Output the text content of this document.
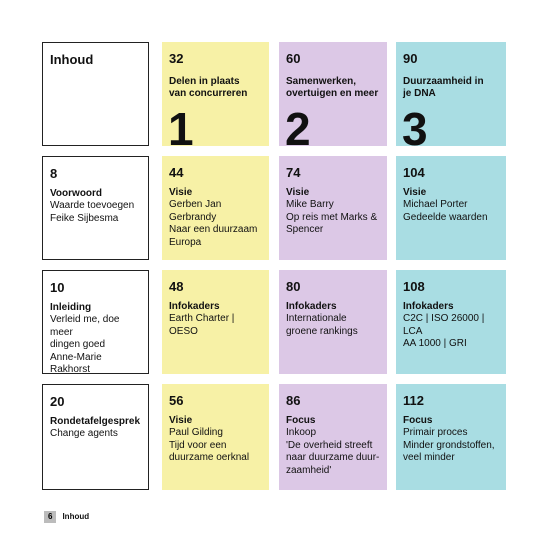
Inhoud	32
Delen in plaats
van concurreren
1
60
Samenwerken,
overtuigen en meer
2
90
Duurzaamheid in
je DNA
3
8
Voorwoord
Waarde toevoegen
Feike Sijbesma
44
Visie
Gerben Jan
Gerbrandy
Naar een duurzaam
Europa
74
Visie
Mike Barry
Op reis met Marks &
Spencer
104
Visie
Michael Porter
Gedeelde waarden
10
Inleiding
Verleid me, doe meer
dingen goed
Anne-Marie
Rakhorst
48
Infokaders
Earth Charter | OESO
80
Infokaders
Internationale
groene rankings
108
Infokaders
C2C | ISO 26000 | LCA
AA 1000 | GRI
20
Rondetafelgesprek
Change agents
56
Visie
Paul Gilding
Tijd voor een
duurzame oerknal
86
Focus
Inkoop
'De overheid streeft
naar duurzame duur-
zaamheid'
112
Focus
Primair proces
Minder grondstoffen,
veel minder
6	Inhoud
